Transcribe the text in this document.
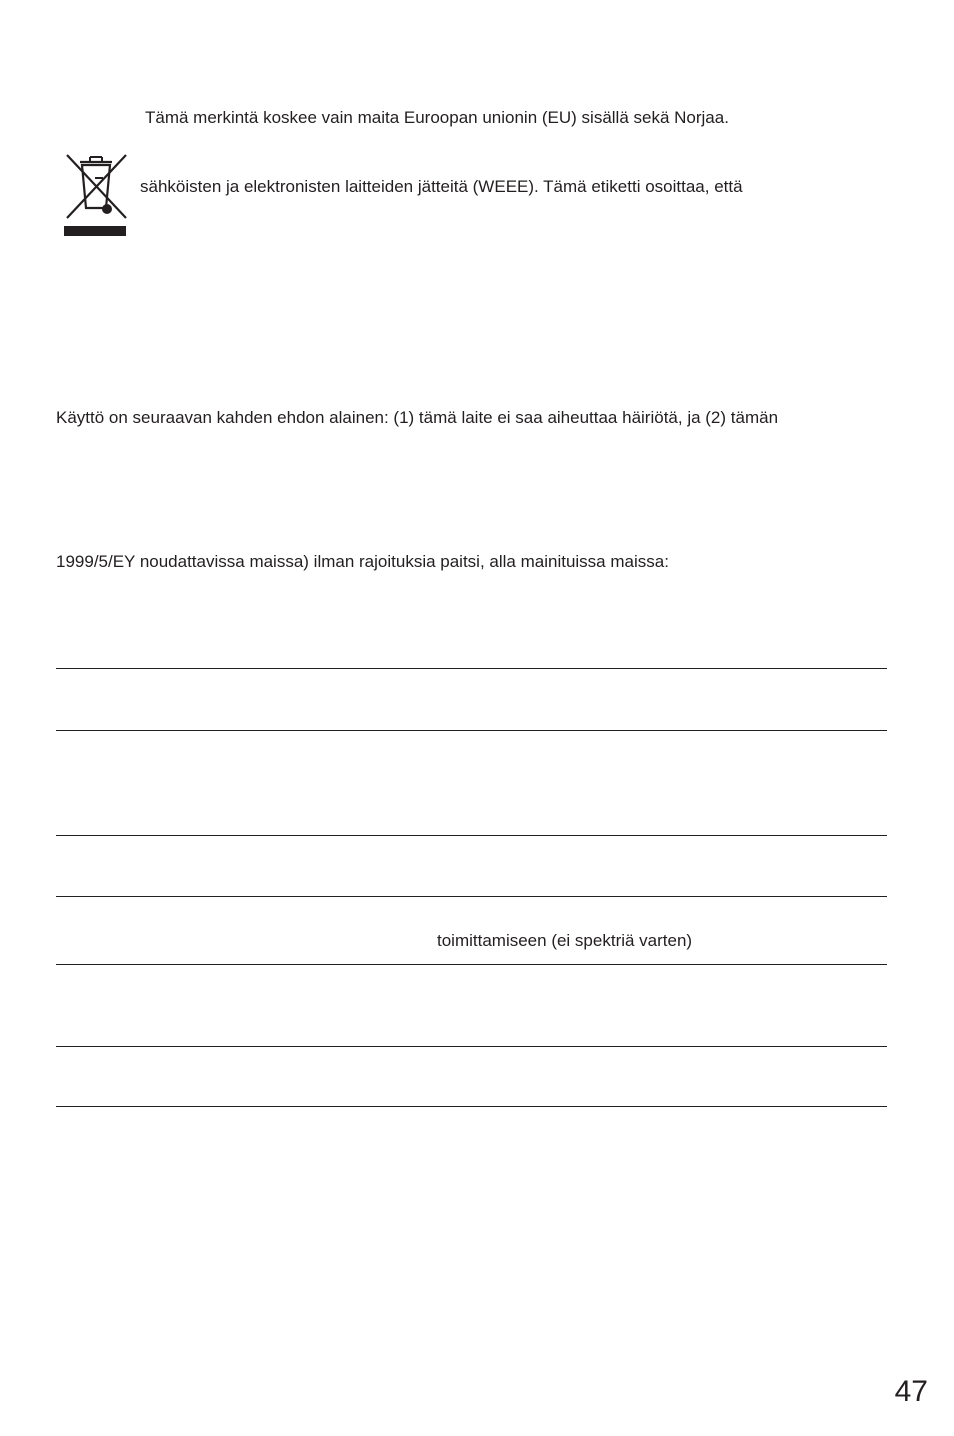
Tämä merkintä koskee vain maita Euroopan unionin (EU) sisällä sekä Norjaa.
sähköisten ja elektronisten laitteiden jätteitä (WEEE). Tämä etiketti osoittaa, että
Käyttö on seuraavan kahden ehdon alainen: (1) tämä laite ei saa aiheuttaa häiriötä, ja (2) tämän
1999/5/EY noudattavissa maissa) ilman rajoituksia paitsi, alla mainituissa maissa:
toimittamiseen (ei spektriä varten)
47
